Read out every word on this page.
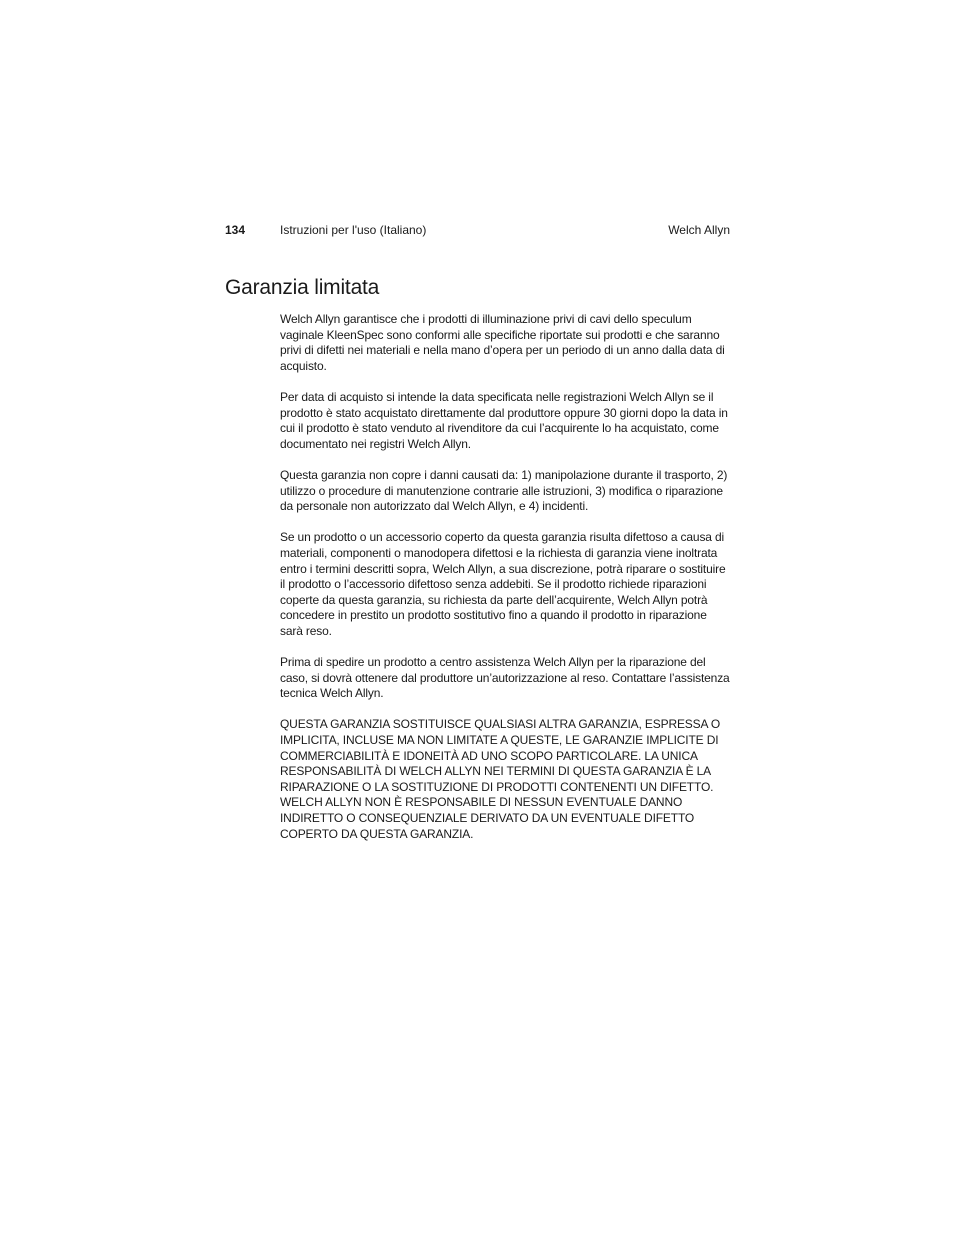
134	Istruzioni per l'uso (Italiano)	Welch Allyn
Garanzia limitata

Welch Allyn garantisce che i prodotti di illuminazione privi di cavi dello speculum vaginale KleenSpec sono conformi alle specifiche riportate sui prodotti e che saranno privi di difetti nei materiali e nella mano d’opera per un periodo di un anno dalla data di acquisto.

Per data di acquisto si intende la data specificata nelle registrazioni Welch Allyn se il prodotto è stato acquistato direttamente dal produttore oppure 30 giorni dopo la data in cui il prodotto è stato venduto al rivenditore da cui l’acquirente lo ha acquistato, come documentato nei registri Welch Allyn.

Questa garanzia non copre i danni causati da: 1) manipolazione durante il trasporto, 2) utilizzo o procedure di manutenzione contrarie alle istruzioni, 3) modifica o riparazione da personale non autorizzato dal Welch Allyn, e 4) incidenti.

Se un prodotto o un accessorio coperto da questa garanzia risulta difettoso a causa di materiali, componenti o manodopera difettosi e la richiesta di garanzia viene inoltrata entro i termini descritti sopra, Welch Allyn, a sua discrezione, potrà riparare o sostituire il prodotto o l’accessorio difettoso senza addebiti. Se il prodotto richiede riparazioni coperte da questa garanzia, su richiesta da parte dell’acquirente, Welch Allyn potrà concedere in prestito un prodotto sostitutivo fino a quando il prodotto in riparazione sarà reso.

Prima di spedire un prodotto a centro assistenza Welch Allyn per la riparazione del caso, si dovrà ottenere dal produttore un’autorizzazione al reso. Contattare l’assistenza tecnica Welch Allyn.

QUESTA GARANZIA SOSTITUISCE QUALSIASI ALTRA GARANZIA, ESPRESSA O IMPLICITA, INCLUSE MA NON LIMITATE A QUESTE, LE GARANZIE IMPLICITE DI COMMERCIABILITÀ E IDONEITÀ AD UNO SCOPO PARTICOLARE. LA UNICA RESPONSABILITÀ DI WELCH ALLYN NEI TERMINI DI QUESTA GARANZIA È LA RIPARAZIONE O LA SOSTITUZIONE DI PRODOTTI CONTENENTI UN DIFETTO. WELCH ALLYN NON È RESPONSABILE DI NESSUN EVENTUALE DANNO INDIRETTO O CONSEQUENZIALE DERIVATO DA UN EVENTUALE DIFETTO COPERTO DA QUESTA GARANZIA.
